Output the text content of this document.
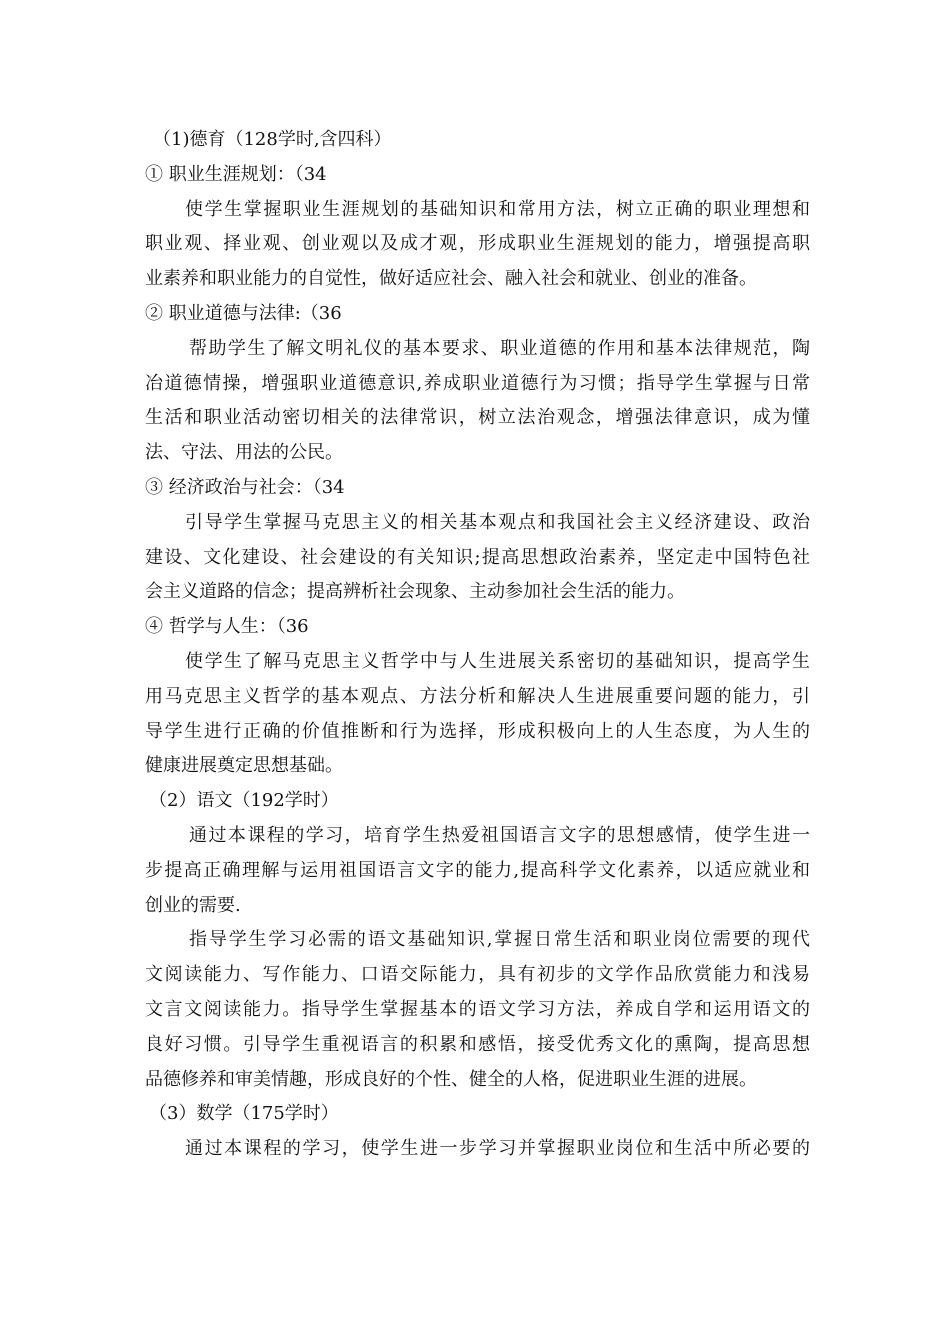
（1)德育（128学时,含四科）
① 职业生涯规划：（34
使学生掌握职业生涯规划的基础知识和常用方法，树立正确的职业理想和
职业观、择业观、创业观以及成才观，形成职业生涯规划的能力，增强提高职
业素养和职业能力的自觉性，做好适应社会、融入社会和就业、创业的准备。
② 职业道德与法律:（36
帮助学生了解文明礼仪的基本要求、职业道德的作用和基本法律规范，陶
冶道德情操，增强职业道德意识,养成职业道德行为习惯；指导学生掌握与日常
生活和职业活动密切相关的法律常识，树立法治观念，增强法律意识，成为懂
法、守法、用法的公民。
③ 经济政治与社会：（34
引导学生掌握马克思主义的相关基本观点和我国社会主义经济建设、政治
建设、文化建设、社会建设的有关知识;提高思想政治素养，坚定走中国特色社
会主义道路的信念；提高辨析社会现象、主动参加社会生活的能力。
④ 哲学与人生：（36
使学生了解马克思主义哲学中与人生进展关系密切的基础知识，提高学生
用马克思主义哲学的基本观点、方法分析和解决人生进展重要问题的能力，引
导学生进行正确的价值推断和行为选择，形成积极向上的人生态度，为人生的
健康进展奠定思想基础。
（2）语文（192学时）
通过本课程的学习，培育学生热爱祖国语言文字的思想感情，使学生进一
步提高正确理解与运用祖国语言文字的能力,提高科学文化素养，以适应就业和
创业的需要.
指导学生学习必需的语文基础知识,掌握日常生活和职业岗位需要的现代
文阅读能力、写作能力、口语交际能力，具有初步的文学作品欣赏能力和浅易
文言文阅读能力。指导学生掌握基本的语文学习方法，养成自学和运用语文的
良好习惯。引导学生重视语言的积累和感悟，接受优秀文化的熏陶，提高思想
品德修养和审美情趣，形成良好的个性、健全的人格，促进职业生涯的进展。
（3）数学（175学时）
通过本课程的学习，使学生进一步学习并掌握职业岗位和生活中所必要的
